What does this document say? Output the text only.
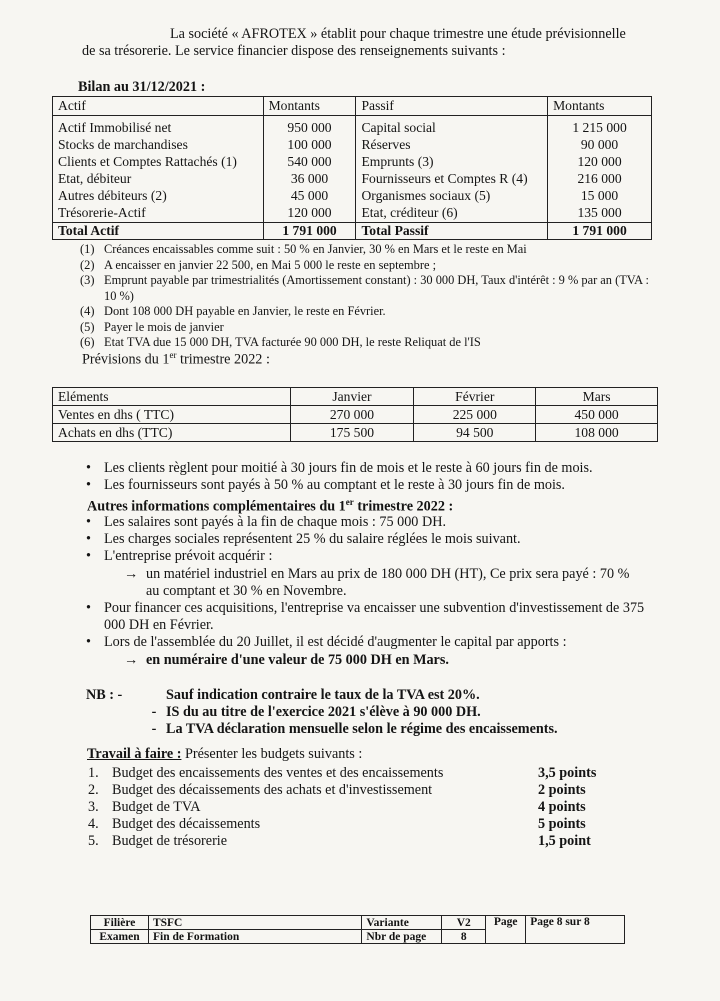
La société « AFROTEX » établit pour chaque trimestre une étude prévisionnelle
de sa trésorerie. Le service financier dispose des renseignements suivants :
Bilan au 31/12/2021 :
Actif	Montants	Passif	Montants
Actif Immobilisé net	950 000	Capital social	1 215 000
Stocks de marchandises	100 000	Réserves	90 000
Clients et Comptes Rattachés (1)	540 000	Emprunts (3)	120 000
Etat, débiteur	36 000	Fournisseurs et Comptes R (4)	216 000
Autres débiteurs (2)	45 000	Organismes sociaux (5)	15 000
Trésorerie-Actif	120 000	Etat, créditeur (6)	135 000
Total Actif	1 791 000	Total Passif	1 791 000
(1) Créances encaissables comme suit : 50 % en Janvier, 30 % en Mars et le reste en Mai
(2) A encaisser en janvier 22 500, en Mai 5 000 le reste en septembre ;
(3) Emprunt payable par trimestrialités (Amortissement constant) : 30 000 DH, Taux d'intérêt : 9 % par an (TVA : 10 %)
(4) Dont 108 000 DH payable en Janvier, le reste en Février.
(5) Payer le mois de janvier
(6) Etat TVA due 15 000 DH, TVA facturée 90 000 DH, le reste Reliquat de l'IS
Prévisions du 1er trimestre 2022 :
Eléments	Janvier	Février	Mars
Ventes en dhs ( TTC)	270 000	225 000	450 000
Achats en dhs (TTC)	175 500	94 500	108 000
• Les clients règlent pour moitié à 30 jours fin de mois et le reste à 60 jours fin de mois.
• Les fournisseurs sont payés à 50 % au comptant et le reste à 30 jours fin de mois.
Autres informations complémentaires du 1er trimestre 2022 :
• Les salaires sont payés à la fin de chaque mois : 75 000 DH.
• Les charges sociales représentent 25 % du salaire réglées le mois suivant.
• L'entreprise prévoit acquérir :
→ un matériel industriel en Mars au prix de 180 000 DH (HT), Ce prix sera payé : 70 % au comptant et 30 % en Novembre.
• Pour financer ces acquisitions, l'entreprise va encaisser une subvention d'investissement de 375 000 DH en Février.
• Lors de l'assemblée du 20 Juillet, il est décidé d'augmenter le capital par apports :
→ en numéraire d'une valeur de 75 000 DH en Mars.
NB : -	Sauf indication contraire le taux de la TVA est 20%.
- IS du au titre de l'exercice 2021 s'élève à 90 000 DH.
- La TVA déclaration mensuelle selon le régime des encaissements.
Travail à faire : Présenter les budgets suivants :
1. Budget des encaissements des ventes et des encaissements	3,5 points
2. Budget des décaissements des achats et d'investissement	2 points
3. Budget de TVA	4 points
4. Budget des décaissements	5 points
5. Budget de trésorerie	1,5 point
Filière	TSFC	Variante	V2	Page	Page 8 sur 8
Examen	Fin de Formation	Nbr de page	8		
